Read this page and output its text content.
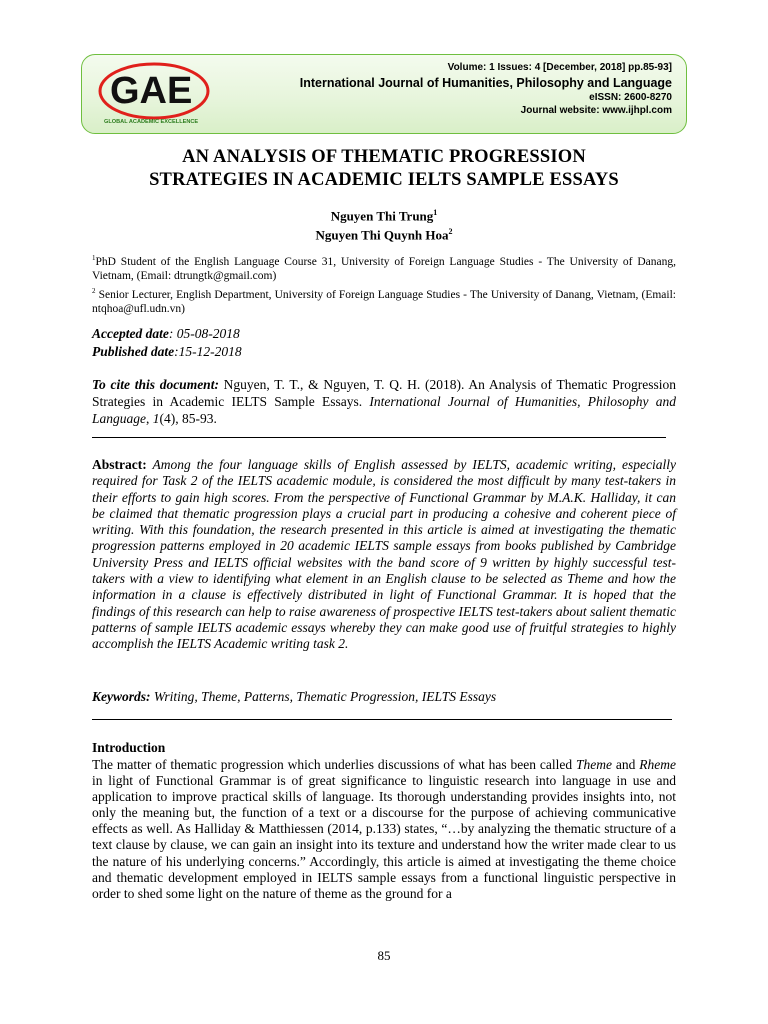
GAE
GLOBAL ACADEMIC EXCELLENCE
Volume: 1 Issues: 4 [December, 2018] pp.85-93]
International Journal of Humanities, Philosophy and Language
eISSN: 2600-8270
Journal website: www.ijhpl.com
AN ANALYSIS OF THEMATIC PROGRESSION
STRATEGIES IN ACADEMIC IELTS SAMPLE ESSAYS
Nguyen Thi Trung$^1$
Nguyen Thi Quynh Hoa$^2$
$^1$PhD Student of the English Language Course 31, University of Foreign Language Studies - The University of Danang, Vietnam, (Email: dtrungtk@gmail.com)
$^2$ Senior Lecturer, English Department, University of Foreign Language Studies - The University of Danang, Vietnam, (Email: ntqhoa@ufl.udn.vn)
Accepted date: 05-08-2018
Published date:15-12-2018
To cite this document: Nguyen, T. T., & Nguyen, T. Q. H. (2018). An Analysis of Thematic Progression Strategies in Academic IELTS Sample Essays. International Journal of Humanities, Philosophy and Language, 1(4), 85-93.
Abstract: Among the four language skills of English assessed by IELTS, academic writing, especially required for Task 2 of the IELTS academic module, is considered the most difficult by many test-takers in their efforts to gain high scores. From the perspective of Functional Grammar by M.A.K. Halliday, it can be claimed that thematic progression plays a crucial part in producing a cohesive and coherent piece of writing. With this foundation, the research presented in this article is aimed at investigating the thematic progression patterns employed in 20 academic IELTS sample essays from books published by Cambridge University Press and IELTS official websites with the band score of 9 written by highly successful test-takers with a view to identifying what element in an English clause to be selected as Theme and how the information in a clause is effectively distributed in light of Functional Grammar. It is hoped that the findings of this research can help to raise awareness of prospective IELTS test-takers about salient thematic patterns of sample IELTS academic essays whereby they can make good use of fruitful strategies to highly accomplish the IELTS Academic writing task 2.
Keywords: Writing, Theme, Patterns, Thematic Progression, IELTS Essays
Introduction
The matter of thematic progression which underlies discussions of what has been called Theme and Rheme in light of Functional Grammar is of great significance to linguistic research into language in use and application to improve practical skills of language. Its thorough understanding provides insights into, not only the meaning but, the function of a text or a discourse for the purpose of achieving communicative effects as well. As Halliday & Matthiessen (2014, p.133) states, “…by analyzing the thematic structure of a text clause by clause, we can gain an insight into its texture and understand how the writer made clear to us the nature of his underlying concerns.” Accordingly, this article is aimed at investigating the theme choice and thematic development employed in IELTS sample essays from a functional linguistic perspective in order to shed some light on the nature of theme as the ground for a
85
